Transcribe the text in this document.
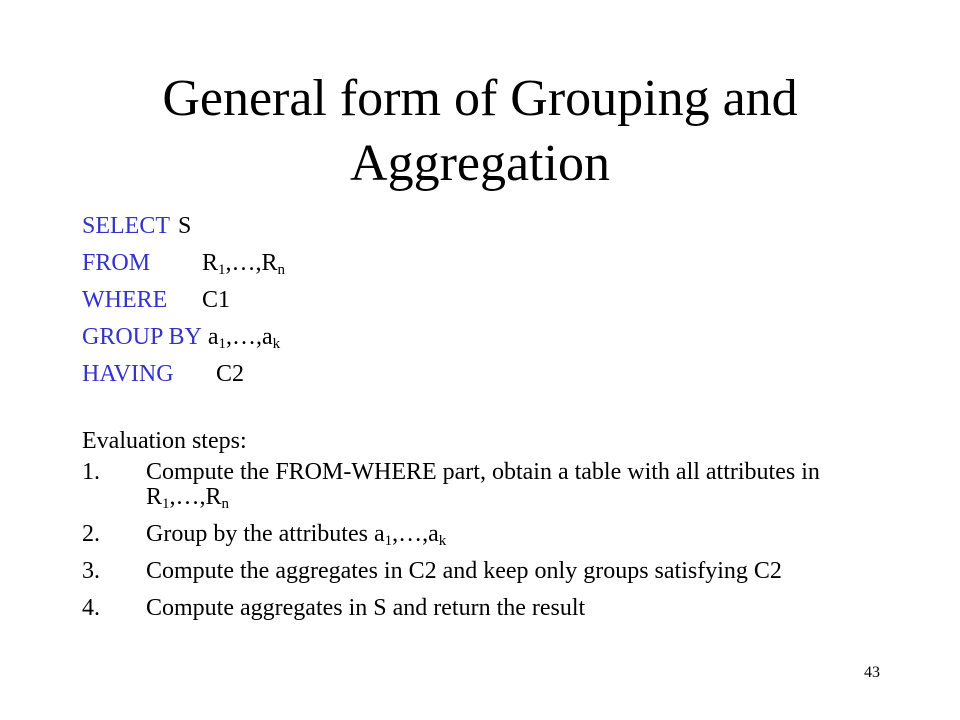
General form of Grouping and Aggregation
SELECT S
FROM $R_1,\dots,R_n$
WHERE C1
GROUP BY $a_1,\dots,a_k$
HAVING C2
Evaluation steps:
1.	Compute the FROM-WHERE part, obtain a table with all attributes in $R_1,\dots,R_n$
2.	Group by the attributes $a_1,\dots,a_k$
3.	Compute the aggregates in C2 and keep only groups satisfying C2
4.	Compute aggregates in S and return the result
43
